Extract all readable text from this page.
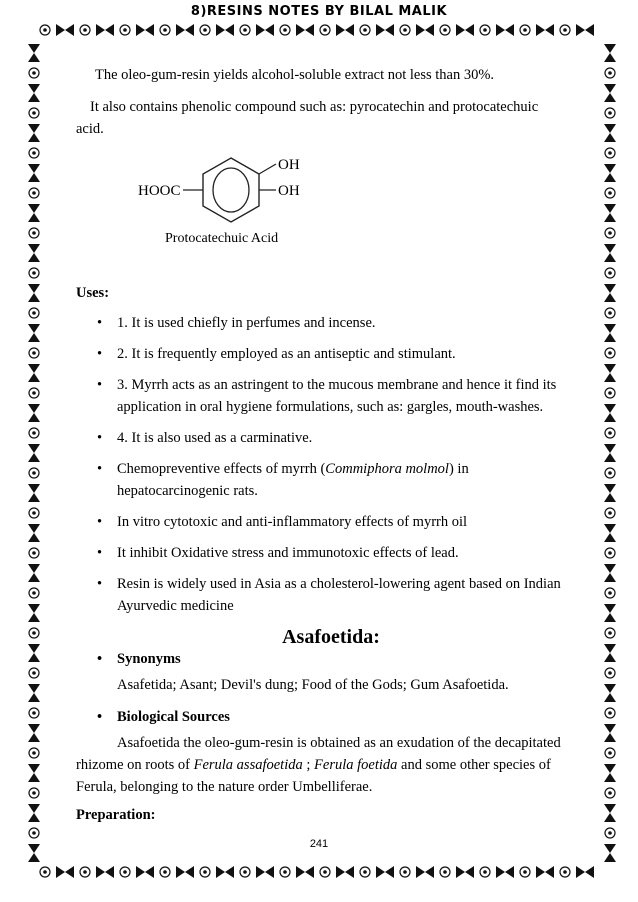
8)RESINS NOTES BY BILAL MALIK

The oleo-gum-resin yields alcohol-soluble extract not less than 30%.

It also contains phenolic compound such as: pyrocatechin and protocatechuic acid.

OH
OH
HOOC
Protocatechuic Acid

Uses:

• 1. It is used chiefly in perfumes and incense.
• 2. It is frequently employed as an antiseptic and stimulant.
• 3. Myrrh acts as an astringent to the mucous membrane and hence it find its application in oral hygiene formulations, such as: gargles, mouth-washes.
• 4. It is also used as a carminative.
• Chemopreventive effects of myrrh (Commiphora molmol) in hepatocarcinogenic rats.
• In vitro cytotoxic and anti-inflammatory effects of myrrh oil
• It inhibit Oxidative stress and immunotoxic effects of lead.
• Resin is widely used in Asia as a cholesterol-lowering agent based on Indian Ayurvedic medicine

Asafoetida:

• Synonyms

Asafetida; Asant; Devil's dung; Food of the Gods; Gum Asafoetida.

• Biological Sources

Asafoetida the oleo-gum-resin is obtained as an exudation of the decapitated rhizome on roots of Ferula assafoetida ; Ferula foetida and some other species of Ferula, belonging to the nature order Umbelliferae.

Preparation:

241
